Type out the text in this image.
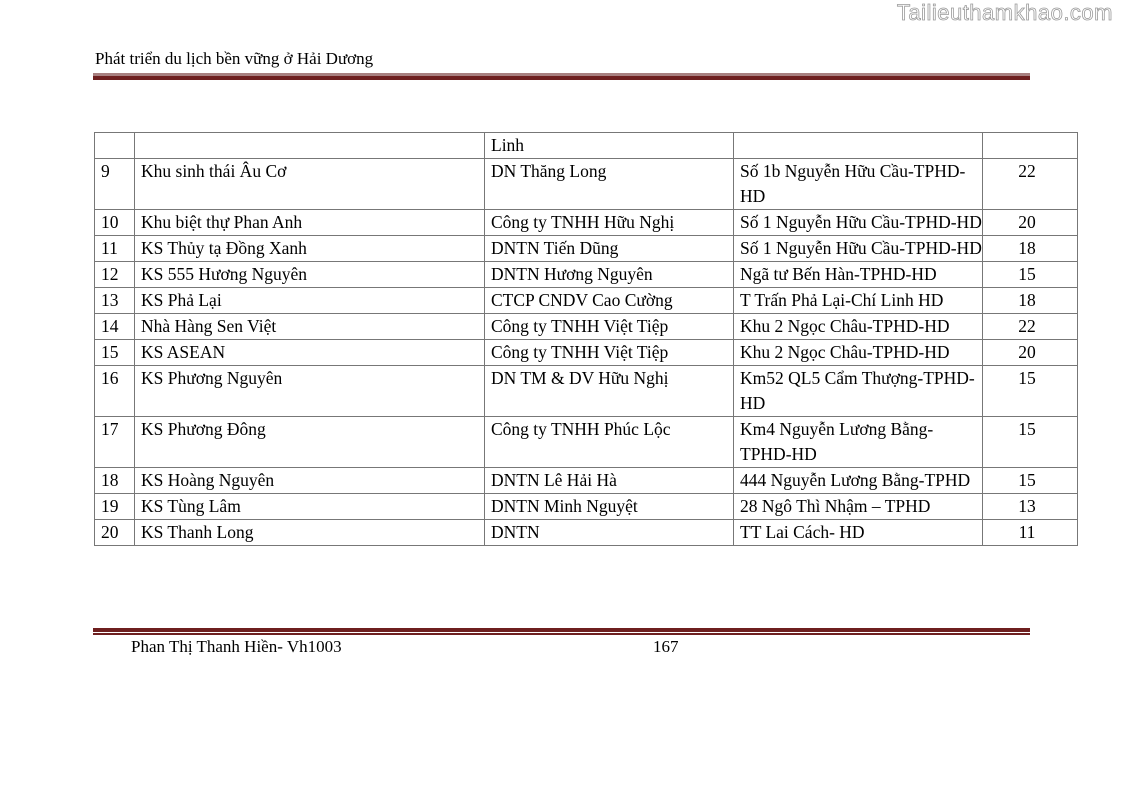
Tailieuthamkhao.com
Phát triển du lịch bền vững ở Hải Dương
		Linh		
9	Khu sinh thái Âu Cơ	DN Thăng Long	Số 1b Nguyễn Hữu Cầu-TPHD-HD	22
10	Khu biệt thự Phan Anh	Công ty TNHH Hữu Nghị	Số 1 Nguyễn Hữu Cầu-TPHD-HD	20
11	KS Thủy tạ Đồng Xanh	DNTN Tiến Dũng	Số 1 Nguyễn Hữu Cầu-TPHD-HD	18
12	KS 555 Hương Nguyên	DNTN Hương Nguyên	Ngã tư Bến Hàn-TPHD-HD	15
13	KS Phả Lại	CTCP CNDV Cao Cường	T Trấn Phả Lại-Chí Linh HD	18
14	Nhà Hàng Sen Việt	Công ty TNHH Việt Tiệp	Khu 2 Ngọc Châu-TPHD-HD	22
15	KS ASEAN	Công ty TNHH Việt Tiệp	Khu 2 Ngọc Châu-TPHD-HD	20
16	KS Phương Nguyên	DN TM & DV Hữu Nghị	Km52 QL5 Cẩm Thượng-TPHD-HD	15
17	KS Phương Đông	Công ty TNHH Phúc Lộc	Km4 Nguyễn Lương Bằng-TPHD-HD	15
18	KS Hoàng Nguyên	DNTN Lê Hải Hà	444 Nguyễn Lương Bằng-TPHD	15
19	KS Tùng Lâm	DNTN Minh Nguyệt	28 Ngô Thì Nhậm – TPHD	13
20	KS Thanh Long	DNTN	TT Lai Cách- HD	11
Phan Thị Thanh Hiền- Vh1003	167
